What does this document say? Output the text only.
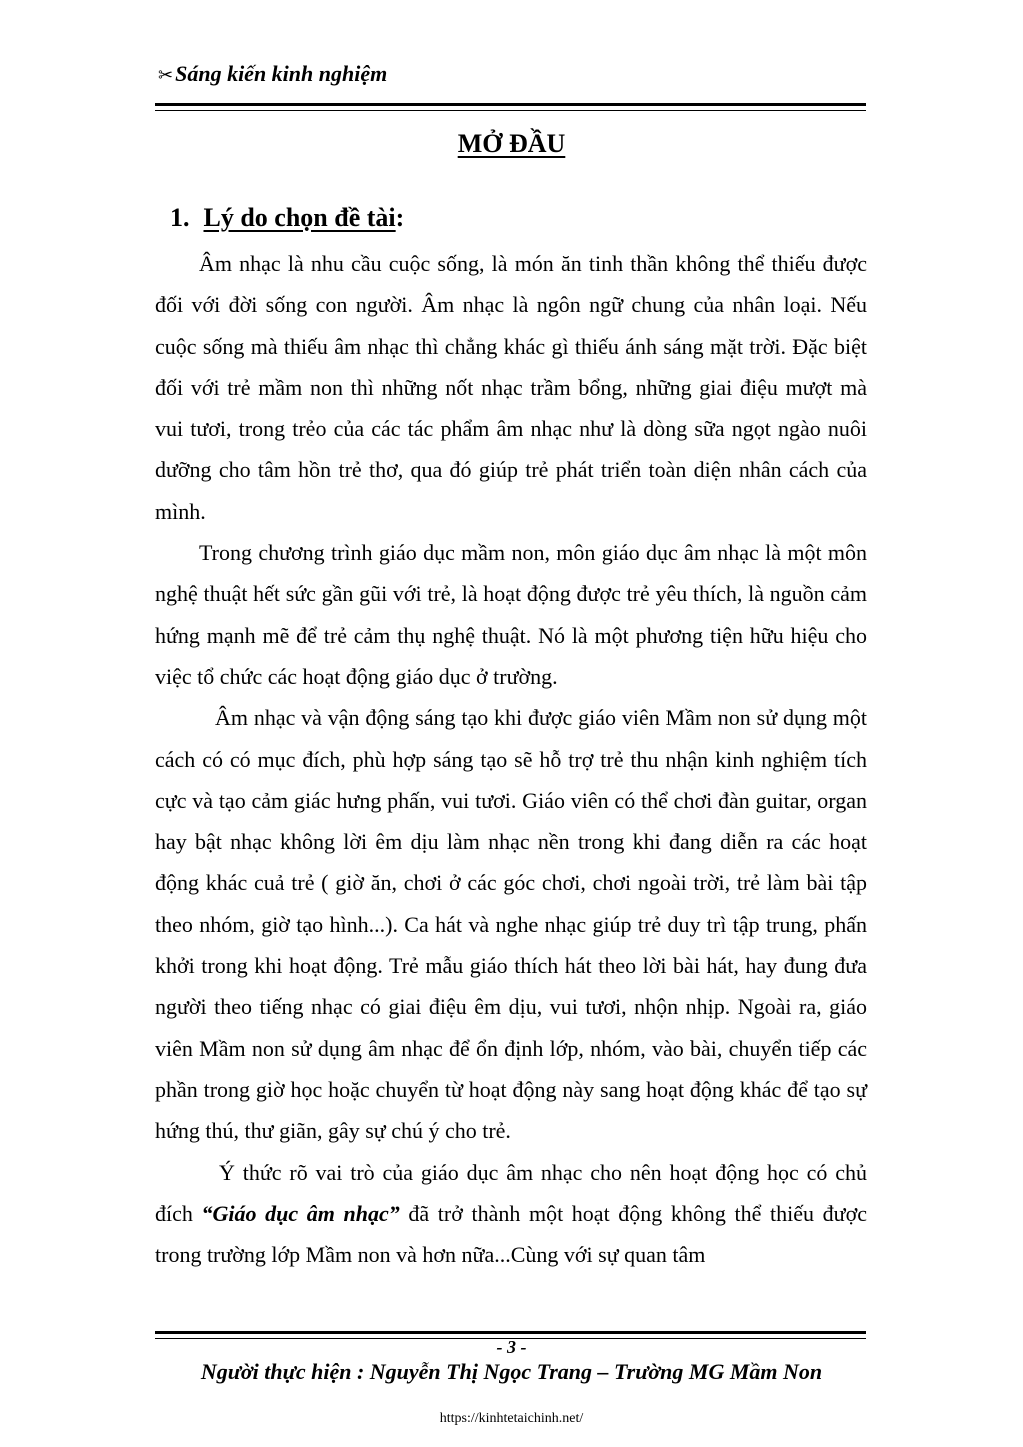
✂Sáng kiến kinh nghiệm
MỞ ĐẦU
1. Lý do chọn đề tài:

Âm nhạc là nhu cầu cuộc sống, là món ăn tinh thần không thể thiếu được đối với đời sống con người. Âm nhạc là ngôn ngữ chung của nhân loại. Nếu cuộc sống mà thiếu âm nhạc thì chẳng khác gì thiếu ánh sáng mặt trời. Đặc biệt đối với trẻ mầm non thì những nốt nhạc trầm bổng, những giai điệu mượt mà vui tươi, trong trẻo của các tác phẩm âm nhạc như là dòng sữa ngọt ngào nuôi dưỡng cho tâm hồn trẻ thơ, qua đó giúp trẻ phát triển toàn diện nhân cách của mình.

Trong chương trình giáo dục mầm non, môn giáo dục âm nhạc là một môn nghệ thuật hết sức gần gũi với trẻ, là hoạt động được trẻ yêu thích, là nguồn cảm hứng mạnh mẽ để trẻ cảm thụ nghệ thuật. Nó là một phương tiện hữu hiệu cho việc tổ chức các hoạt động giáo dục ở trường.

Âm nhạc và vận động sáng tạo khi được giáo viên Mầm non sử dụng một cách có có mục đích, phù hợp sáng tạo sẽ hỗ trợ trẻ thu nhận kinh nghiệm tích cực và tạo cảm giác hưng phấn, vui tươi. Giáo viên có thể chơi đàn guitar, organ hay bật nhạc không lời êm dịu làm nhạc nền trong khi đang diễn ra các hoạt động khác cuả trẻ ( giờ ăn, chơi ở các góc chơi, chơi ngoài trời, trẻ làm bài tập theo nhóm, giờ tạo hình...). Ca hát và nghe nhạc giúp trẻ duy trì tập trung, phấn khởi trong khi hoạt động. Trẻ mẫu giáo thích hát theo lời bài hát, hay đung đưa người theo tiếng nhạc có giai điệu êm dịu, vui tươi, nhộn nhịp. Ngoài ra, giáo viên Mầm non sử dụng âm nhạc để ổn định lớp, nhóm, vào bài, chuyển tiếp các phần trong giờ học hoặc chuyển từ hoạt động này sang hoạt động khác để tạo sự hứng thú, thư giãn, gây sự chú ý cho trẻ.

Ý thức rõ vai trò của giáo dục âm nhạc cho nên hoạt động học có chủ đích “Giáo dục âm nhạc” đã trở thành một hoạt động không thể thiếu được trong trường lớp Mầm non và hơn nữa...Cùng với sự quan tâm

- 3 -
Người thực hiện : Nguyễn Thị Ngọc Trang – Trường MG Mầm Non
https://kinhtetaichinh.net/
